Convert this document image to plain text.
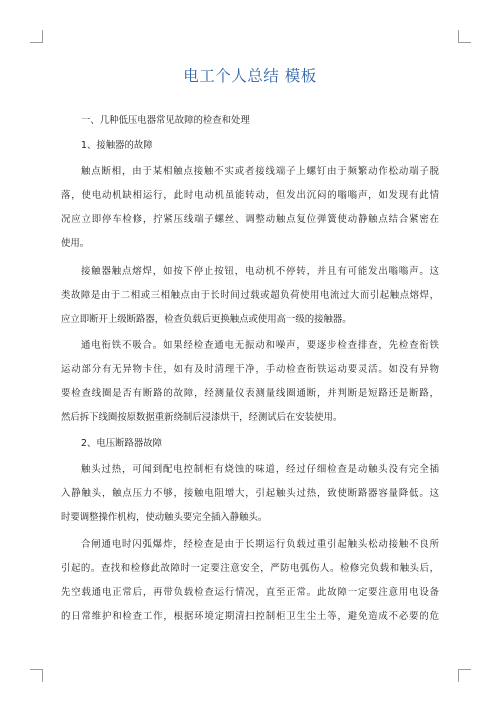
电工个人总结 模板
一、几种低压电器常见故障的检查和处理
1、接触器的故障
触点断相，由于某相触点接触不实或者接线端子上螺钉由于频繁动作松动端子脱
落，使电动机缺相运行，此时电动机虽能转动，但发出沉闷的嗡嗡声，如发现有此情
况应立即停车检修，拧紧压线端子螺丝、调整动触点复位弹簧使动静触点结合紧密在
使用。
接触器触点熔焊，如按下停止按钮，电动机不停转，并且有可能发出嗡嗡声。这
类故障是由于二相或三相触点由于长时间过载或超负荷使用电流过大而引起触点熔焊，
应立即断开上级断路器，检查负载后更换触点或使用高一级的接触器。
通电衔铁不吸合。如果经检查通电无振动和噪声，要逐步检查排查，先检查衔铁
运动部分有无异物卡住，如有及时清理干净，手动检查衔铁运动要灵活。如没有异物
要检查线圈是否有断路的故障，经测量仪表测量线圈通断，并判断是短路还是断路，
然后拆下线圈按原数据重新绕制后浸漆烘干，经测试后在安装使用。
2、电压断路器故障
触头过热，可闻到配电控制柜有烧蚀的味道，经过仔细检查是动触头没有完全插
入静触头，触点压力不够，接触电阻增大，引起触头过热，致使断路器容量降低。这
时要调整操作机构，使动触头要完全插入静触头。
合闸通电时闪弧爆炸，经检查是由于长期运行负载过重引起触头松动接触不良所
引起的。查找和检修此故障时一定要注意安全，严防电弧伤人。检修完负载和触头后，
先空载通电正常后，再带负载检查运行情况，直至正常。此故障一定要注意用电设备
的日常维护和检查工作，根据环境定期清扫控制柜卫生尘土等，避免造成不必要的危
